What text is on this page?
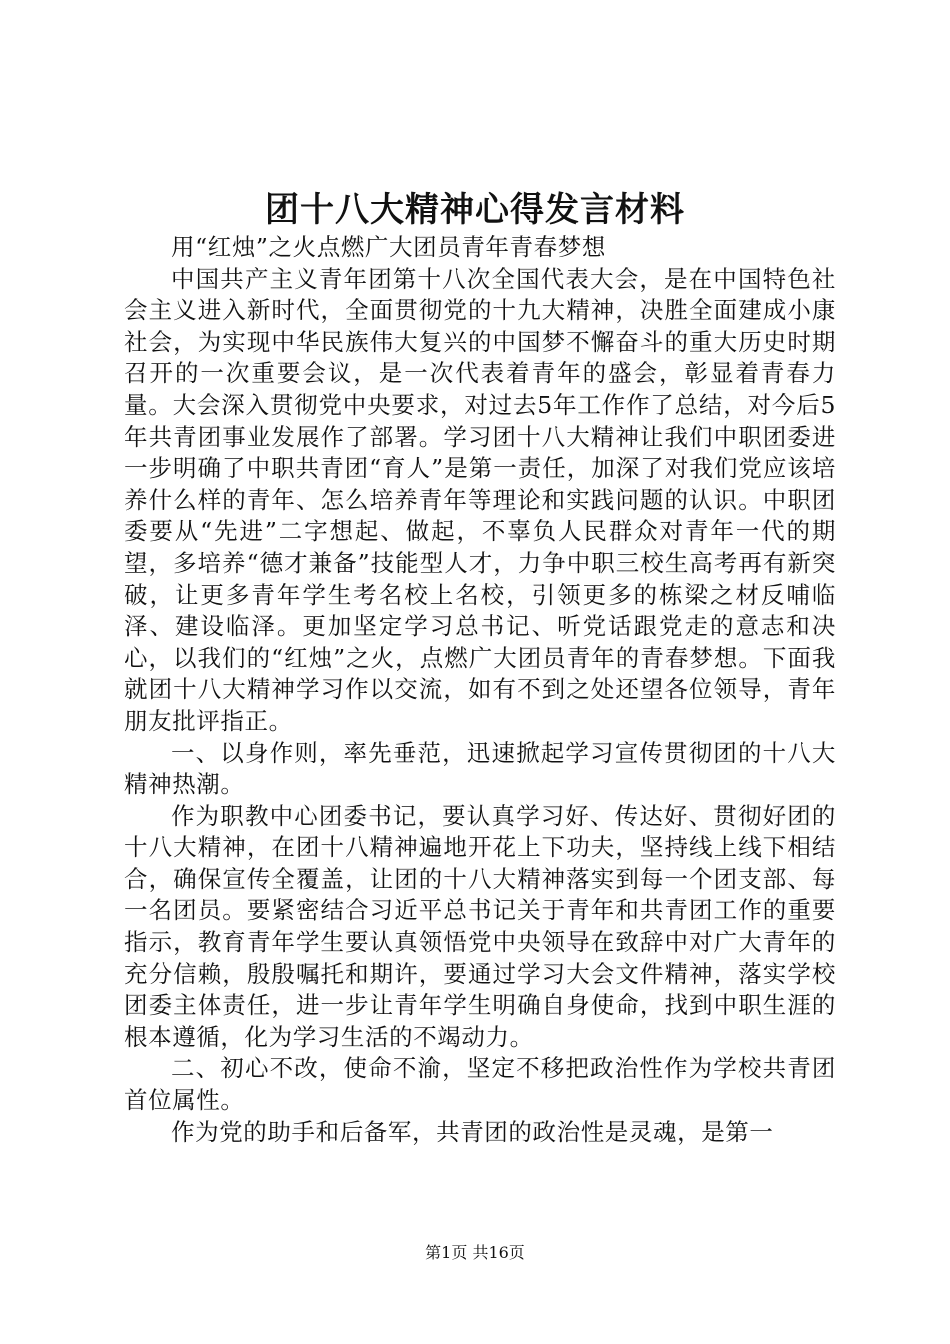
团十八大精神心得发言材料

用“红烛”之火点燃广大团员青年青春梦想

中国共产主义青年团第十八次全国代表大会，是在中国特色社会主义进入新时代，全面贯彻党的十九大精神，决胜全面建成小康社会，为实现中华民族伟大复兴的中国梦不懈奋斗的重大历史时期召开的一次重要会议，是一次代表着青年的盛会，彰显着青春力量。大会深入贯彻党中央要求，对过去5年工作作了总结，对今后5年共青团事业发展作了部署。学习团十八大精神让我们中职团委进一步明确了中职共青团“育人”是第一责任，加深了对我们党应该培养什么样的青年、怎么培养青年等理论和实践问题的认识。中职团委要从“先进”二字想起、做起，不辜负人民群众对青年一代的期望，多培养“德才兼备”技能型人才，力争中职三校生高考再有新突破，让更多青年学生考名校上名校，引领更多的栋梁之材反哺临泽、建设临泽。更加坚定学习总书记、听党话跟党走的意志和决心，以我们的“红烛”之火，点燃广大团员青年的青春梦想。下面我就团十八大精神学习作以交流，如有不到之处还望各位领导，青年朋友批评指正。

一、以身作则，率先垂范，迅速掀起学习宣传贯彻团的十八大精神热潮。

作为职教中心团委书记，要认真学习好、传达好、贯彻好团的十八大精神，在团十八精神遍地开花上下功夫，坚持线上线下相结合，确保宣传全覆盖，让团的十八大精神落实到每一个团支部、每一名团员。要紧密结合习近平总书记关于青年和共青团工作的重要指示，教育青年学生要认真领悟党中央领导在致辞中对广大青年的充分信赖，殷殷嘱托和期许，要通过学习大会文件精神，落实学校团委主体责任，进一步让青年学生明确自身使命，找到中职生涯的根本遵循，化为学习生活的不竭动力。

二、初心不改，使命不渝，坚定不移把政治性作为学校共青团首位属性。

作为党的助手和后备军，共青团的政治性是灵魂，是第一

第1页 共16页
